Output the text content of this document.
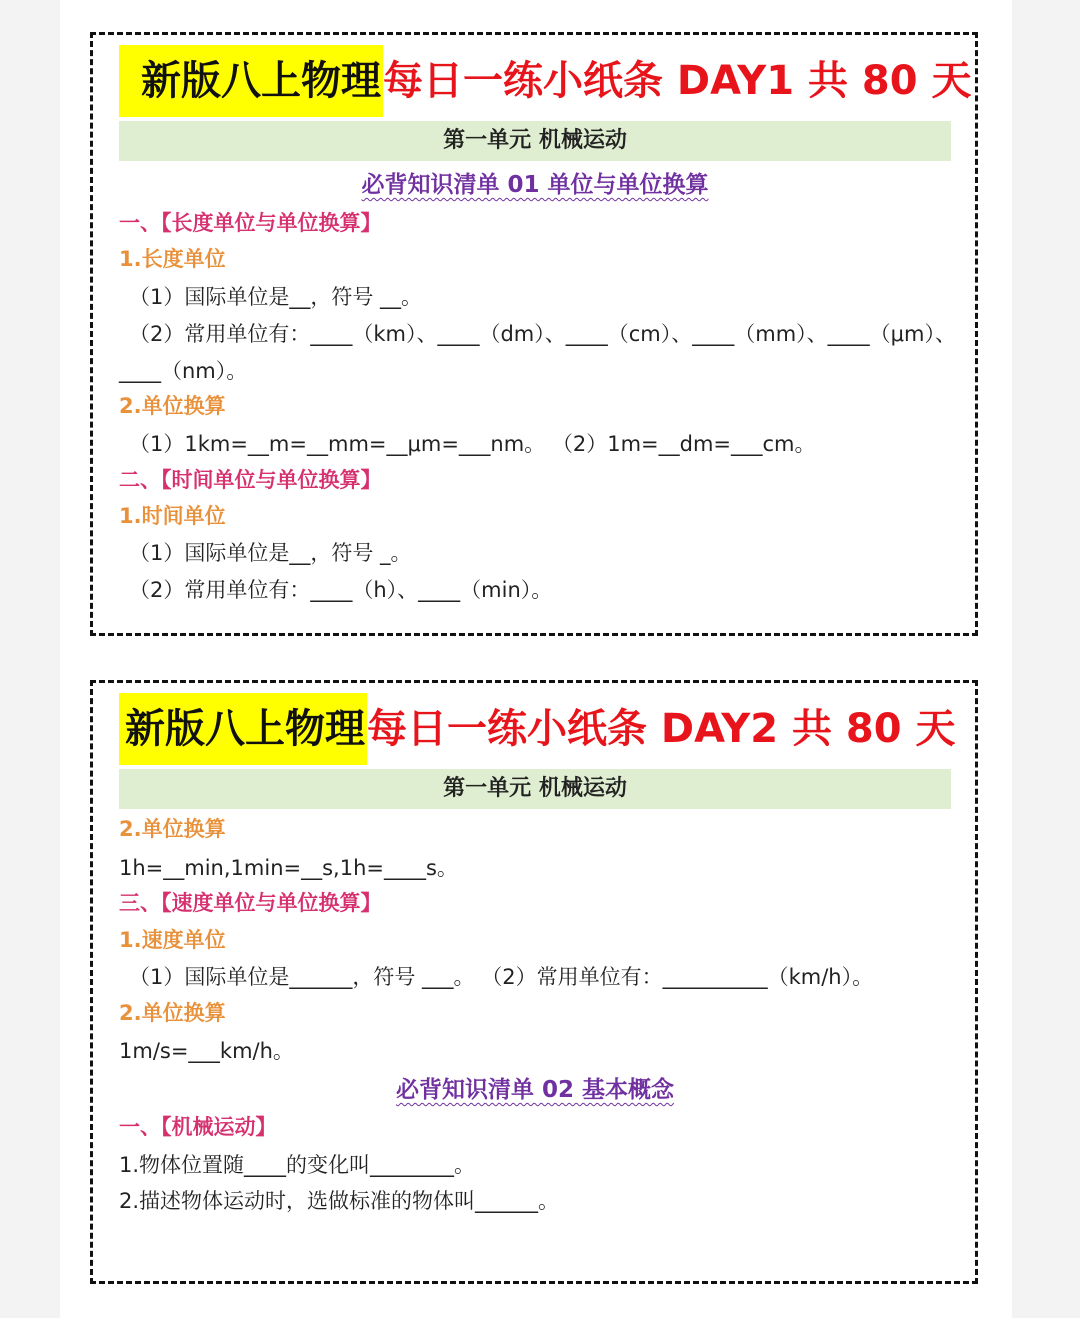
新版八上物理每日一练小纸条 DAY1 共 80 天
第一单元 机械运动
必背知识清单 01 单位与单位换算
一、【长度单位与单位换算】
1.长度单位
（1）国际单位是__，符号 __。
（2）常用单位有：____（km）、____（dm）、____（cm）、____（mm）、____（μm）、
____（nm）。
2.单位换算
（1）1km=__m=__mm=__μm=___nm。 （2）1m=__dm=___cm。
二、【时间单位与单位换算】
1.时间单位
（1）国际单位是__，符号 _。
（2）常用单位有：____（h）、____（min）。
新版八上物理每日一练小纸条 DAY2 共 80 天
第一单元 机械运动
2.单位换算
1h=__min,1min=__s,1h=____s。
三、【速度单位与单位换算】
1.速度单位
（1）国际单位是______，符号 ___。 （2）常用单位有：__________（km/h）。
2.单位换算
1m/s=___km/h。
必背知识清单 02 基本概念
一、【机械运动】
1.物体位置随____的变化叫________。
2.描述物体运动时，选做标准的物体叫______。
